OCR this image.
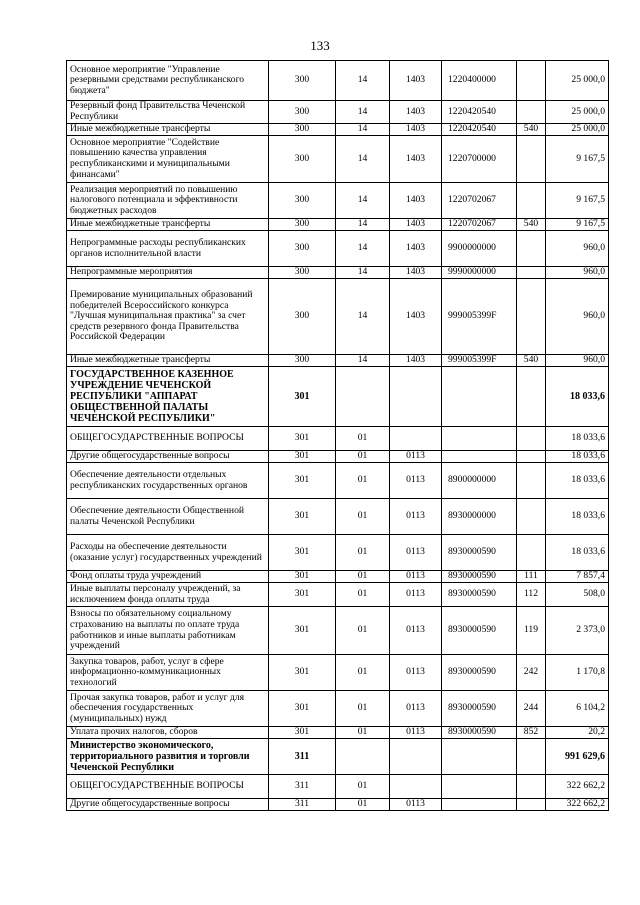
133
Основное мероприятие "Управление резервными средствами республиканского бюджета"	300	14	1403	1220400000		25 000,0
Резервный фонд Правительства Чеченской Республики	300	14	1403	1220420540		25 000,0
Иные межбюджетные трансферты	300	14	1403	1220420540	540	25 000,0
Основное мероприятие "Содействие повышению качества управления республиканскими и муниципальными финансами"	300	14	1403	1220700000		9 167,5
Реализация мероприятий по повышению налогового потенциала и эффективности бюджетных расходов	300	14	1403	1220702067		9 167,5
Иные межбюджетные трансферты	300	14	1403	1220702067	540	9 167,5
Непрограммные расходы республиканских органов исполнительной власти	300	14	1403	9900000000		960,0
Непрограммные мероприятия	300	14	1403	9990000000		960,0
Премирование муниципальных образований победителей Всероссийского конкурса "Лучшая муниципальная практика" за счет средств резервного фонда Правительства Российской Федерации	300	14	1403	999005399F		960,0
Иные межбюджетные трансферты	300	14	1403	999005399F	540	960,0
ГОСУДАРСТВЕННОЕ КАЗЕННОЕ УЧРЕЖДЕНИЕ ЧЕЧЕНСКОЙ РЕСПУБЛИКИ "АППАРАТ ОБЩЕСТВЕННОЙ ПАЛАТЫ ЧЕЧЕНСКОЙ РЕСПУБЛИКИ"	301					18 033,6
ОБЩЕГОСУДАРСТВЕННЫЕ ВОПРОСЫ	301	01				18 033,6
Другие общегосударственные вопросы	301	01	0113			18 033,6
Обеспечение деятельности отдельных республиканских государственных органов	301	01	0113	8900000000		18 033,6
Обеспечение деятельности Общественной палаты Чеченской Республики	301	01	0113	8930000000		18 033,6
Расходы на обеспечение деятельности (оказание услуг) государственных учреждений	301	01	0113	8930000590		18 033,6
Фонд оплаты труда учреждений	301	01	0113	8930000590	111	7 857,4
Иные выплаты персоналу учреждений, за исключением фонда оплаты труда	301	01	0113	8930000590	112	508,0
Взносы по обязательному социальному страхованию на выплаты по оплате труда работников и иные выплаты работникам учреждений	301	01	0113	8930000590	119	2 373,0
Закупка товаров, работ, услуг в сфере информационно-коммуникационных технологий	301	01	0113	8930000590	242	1 170,8
Прочая закупка товаров, работ и услуг для обеспечения государственных (муниципальных) нужд	301	01	0113	8930000590	244	6 104,2
Уплата прочих налогов, сборов	301	01	0113	8930000590	852	20,2
Министерство экономического, территориального развития и торговли Чеченской Республики	311					991 629,6
ОБЩЕГОСУДАРСТВЕННЫЕ ВОПРОСЫ	311	01				322 662,2
Другие общегосударственные вопросы	311	01	0113			322 662,2
